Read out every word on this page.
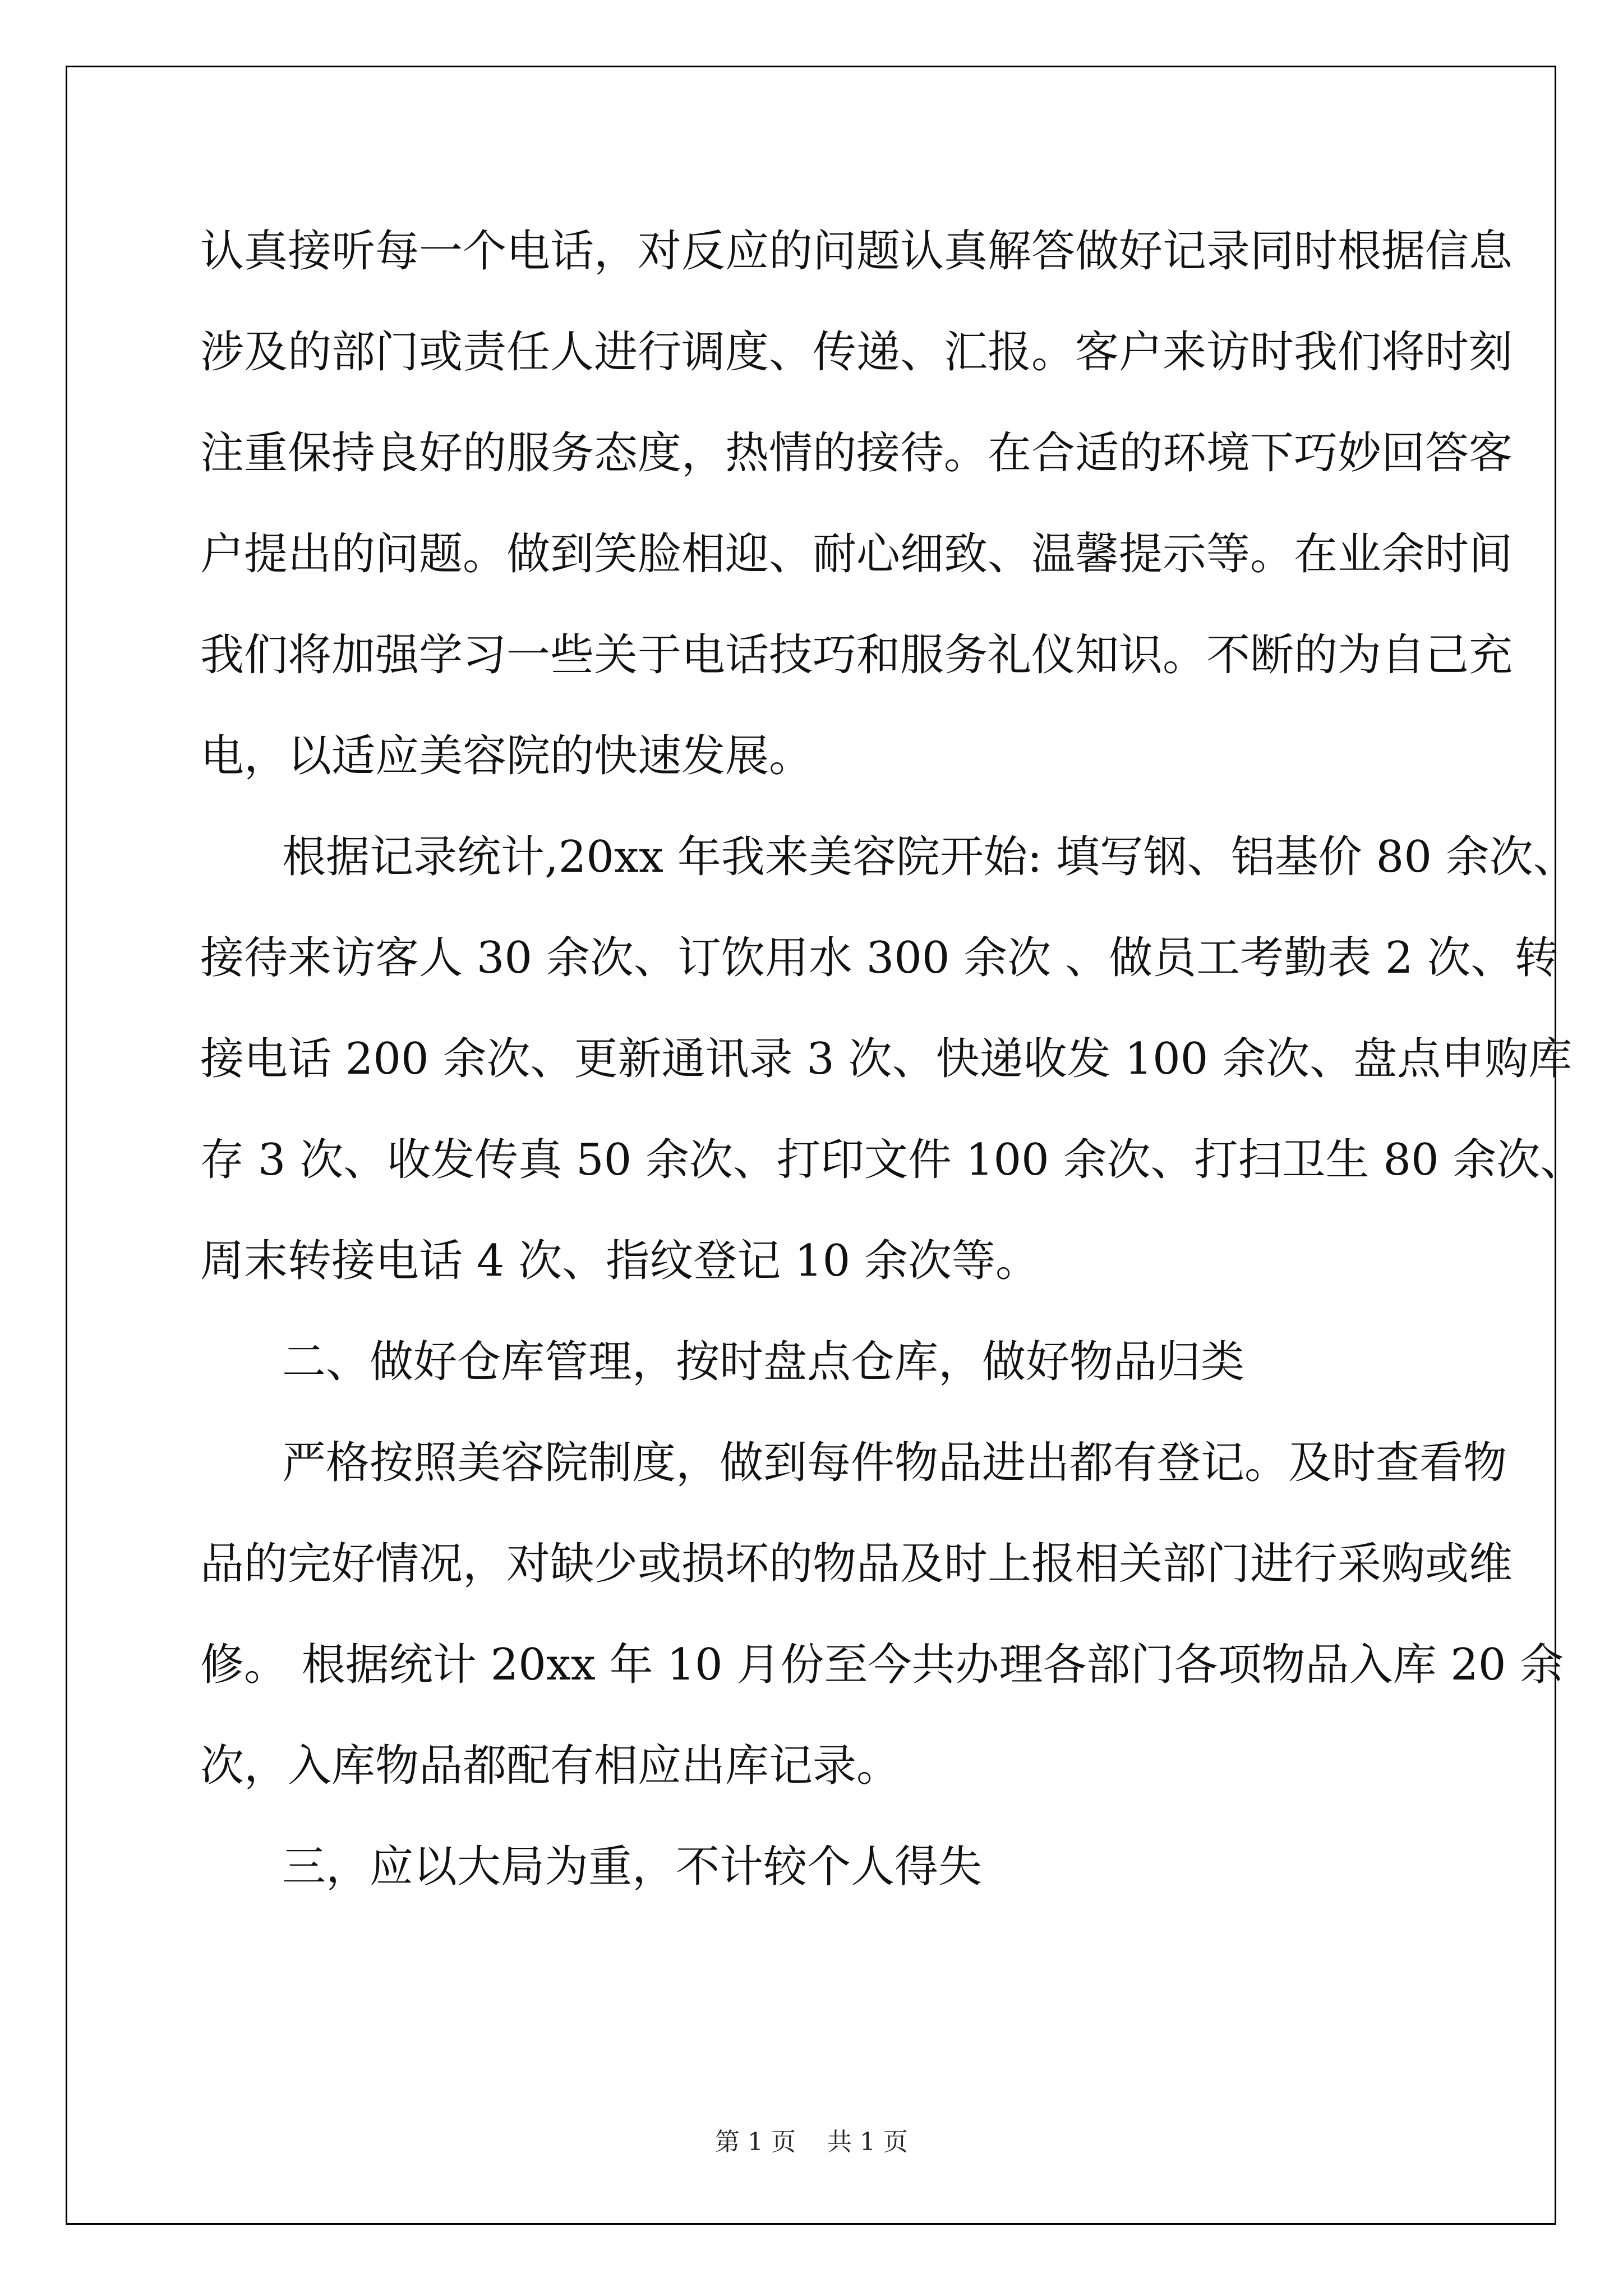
认真接听每一个电话，对反应的问题认真解答做好记录同时根据信息
涉及的部门或责任人进行调度、传递、汇报。客户来访时我们将时刻
注重保持良好的服务态度，热情的接待。在合适的环境下巧妙回答客
户提出的问题。做到笑脸相迎、耐心细致、温馨提示等。在业余时间
我们将加强学习一些关于电话技巧和服务礼仪知识。不断的为自己充
电，以适应美容院的快速发展。
根据记录统计,20xx 年我来美容院开始: 填写钢、铝基价 80 余次、
接待来访客人 30 余次、订饮用水 300 余次 、做员工考勤表 2 次、转
接电话 200 余次、更新通讯录 3 次、快递收发 100 余次、盘点申购库
存 3 次、收发传真 50 余次、打印文件 100 余次、打扫卫生 80 余次、
周末转接电话 4 次、指纹登记 10 余次等。
二、做好仓库管理，按时盘点仓库，做好物品归类
严格按照美容院制度，做到每件物品进出都有登记。及时查看物
品的完好情况，对缺少或损坏的物品及时上报相关部门进行采购或维
修。 根据统计 20xx 年 10 月份至今共办理各部门各项物品入库 20 余
次，入库物品都配有相应出库记录。
三，应以大局为重，不计较个人得失
第 1 页    共 1 页
